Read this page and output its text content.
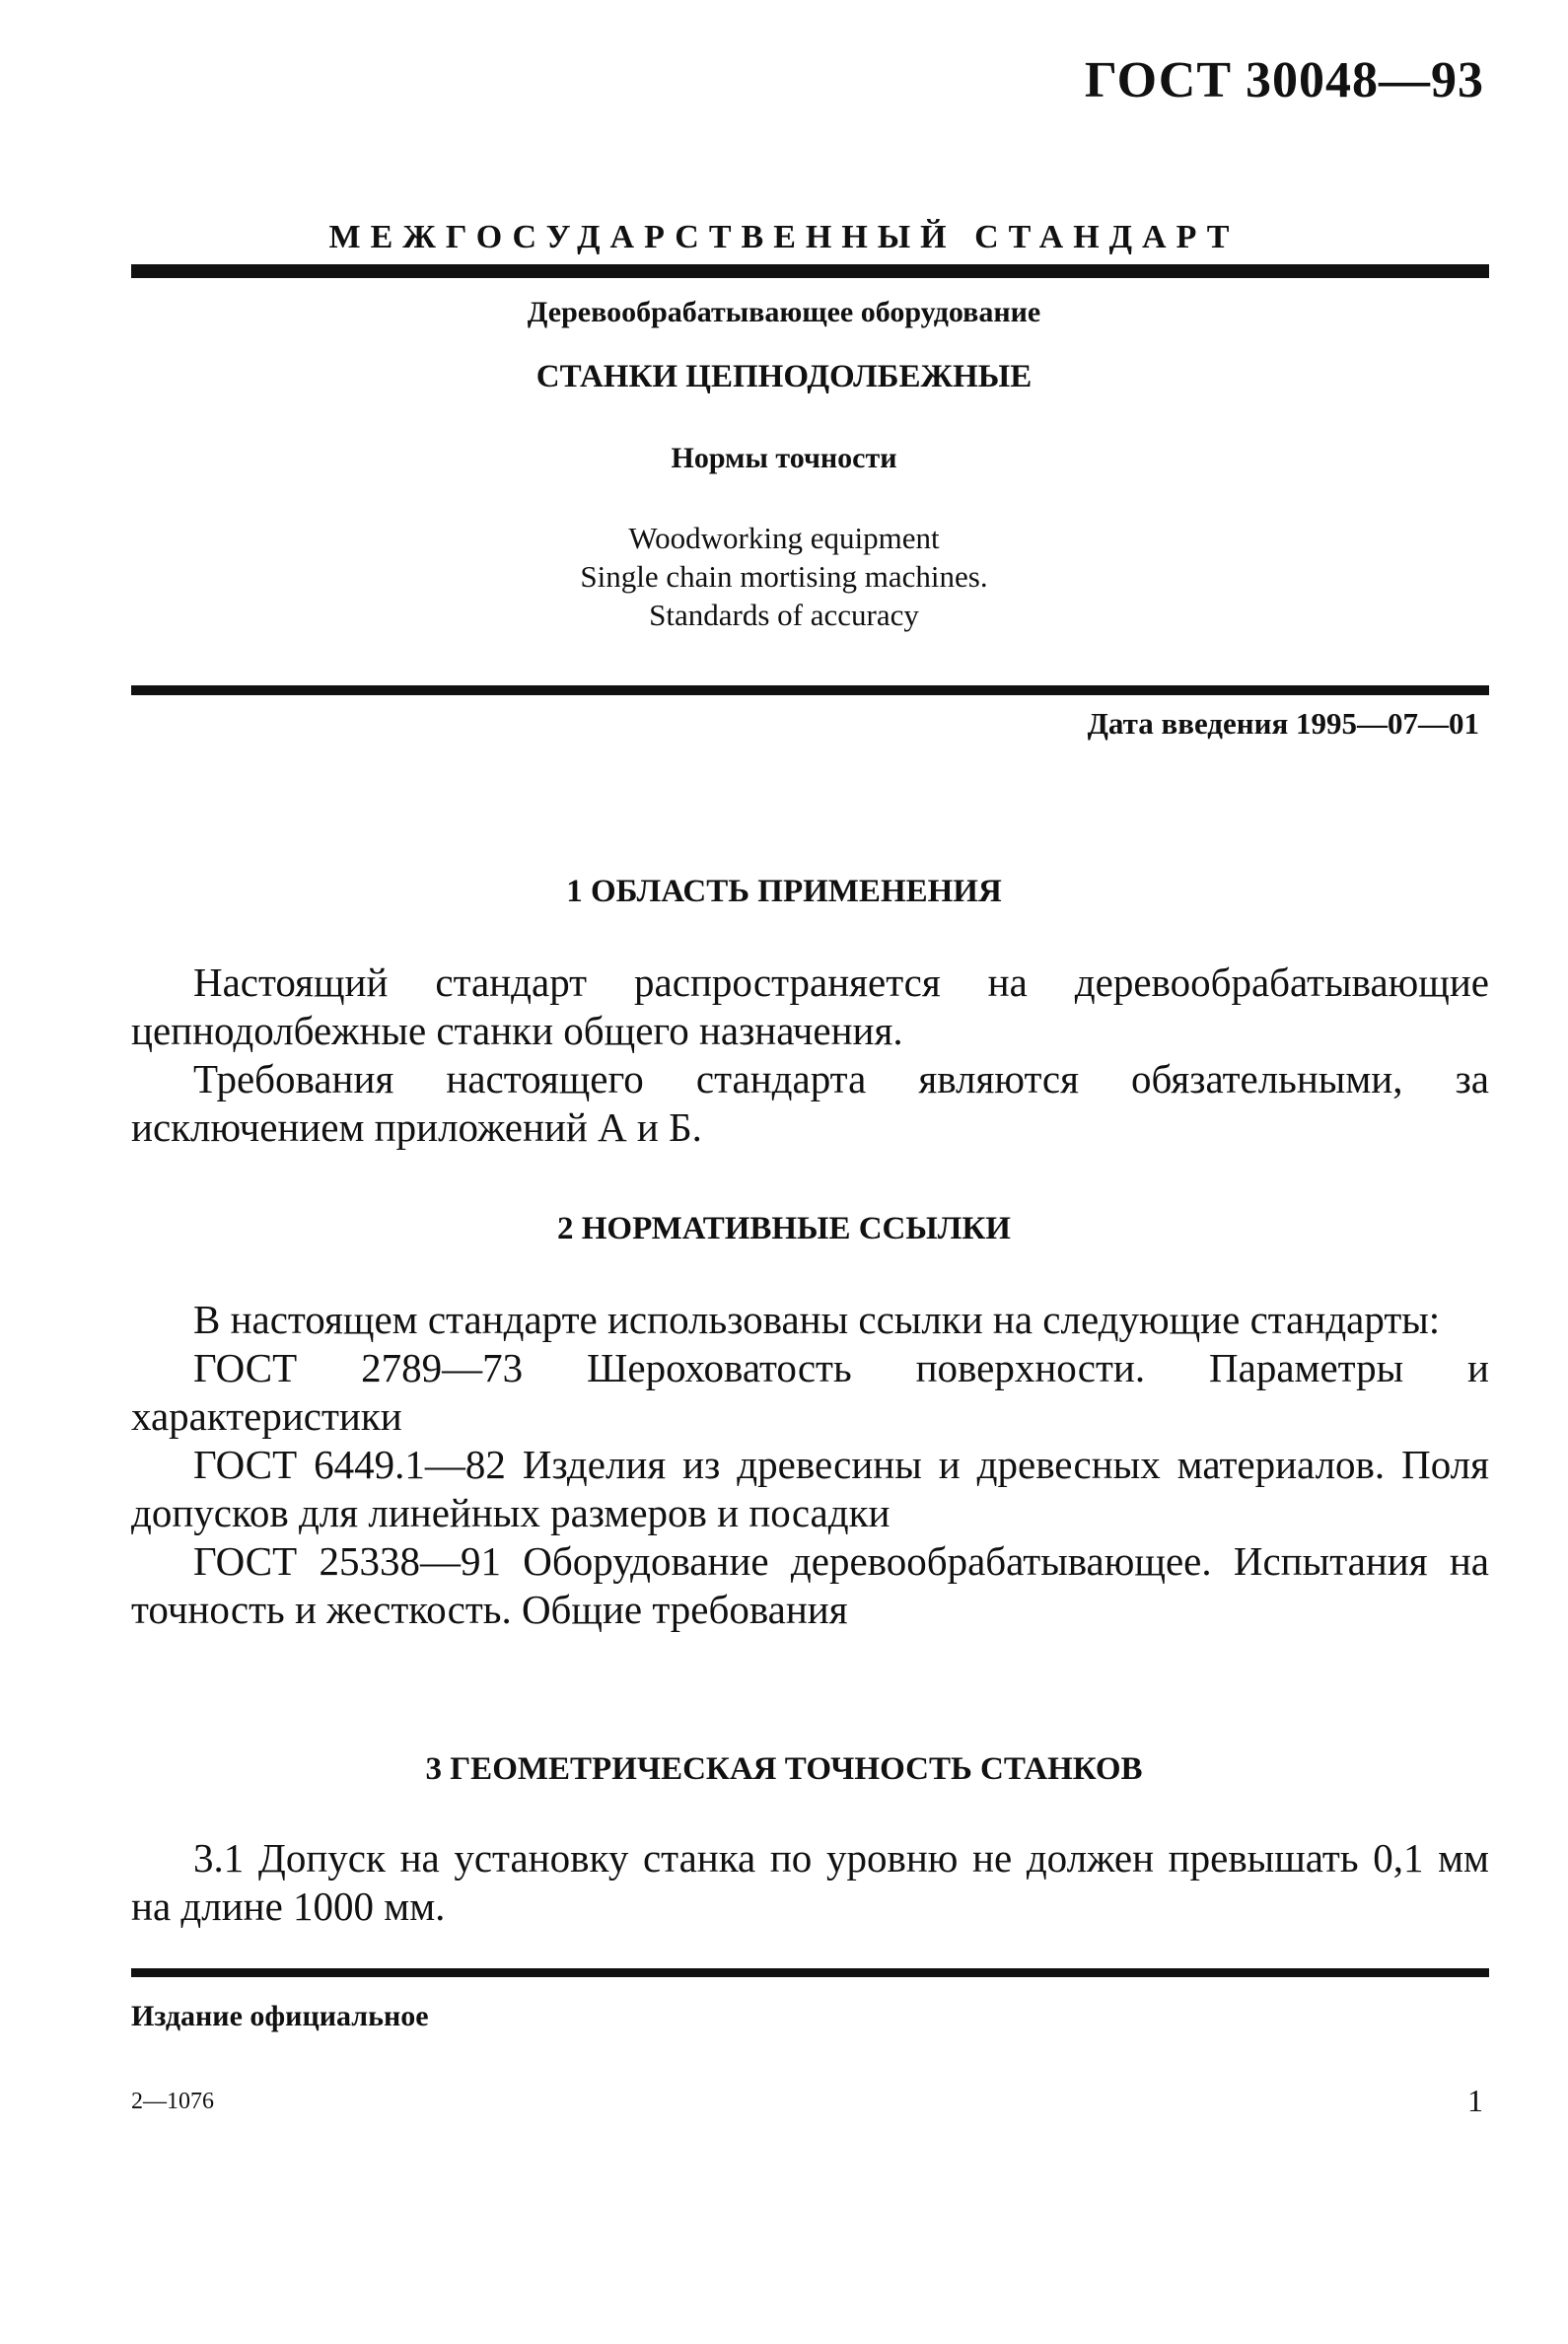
ГОСТ 30048—93
МЕЖГОСУДАРСТВЕННЫЙ СТАНДАРТ
Деревообрабатывающее оборудование
СТАНКИ ЦЕПНОДОЛБЕЖНЫЕ
Нормы точности
Woodworking equipment
Single chain mortising machines.
Standards of accuracy
Дата введения 1995—07—01
1 ОБЛАСТЬ ПРИМЕНЕНИЯ

Настоящий стандарт распространяется на деревообрабатывающие цепнодолбежные станки общего назначения.

Требования настоящего стандарта являются обязательными, за исключением приложений А и Б.

2 НОРМАТИВНЫЕ ССЫЛКИ

В настоящем стандарте использованы ссылки на следующие стандарты:

ГОСТ 2789—73 Шероховатость поверхности. Параметры и характеристики

ГОСТ 6449.1—82 Изделия из древесины и древесных материалов. Поля допусков для линейных размеров и посадки

ГОСТ 25338—91 Оборудование деревообрабатывающее. Испытания на точность и жесткость. Общие требования

3 ГЕОМЕТРИЧЕСКАЯ ТОЧНОСТЬ СТАНКОВ

3.1 Допуск на установку станка по уровню не должен превышать 0,1 мм на длине 1000 мм.

Издание официальное
2—1076	1
